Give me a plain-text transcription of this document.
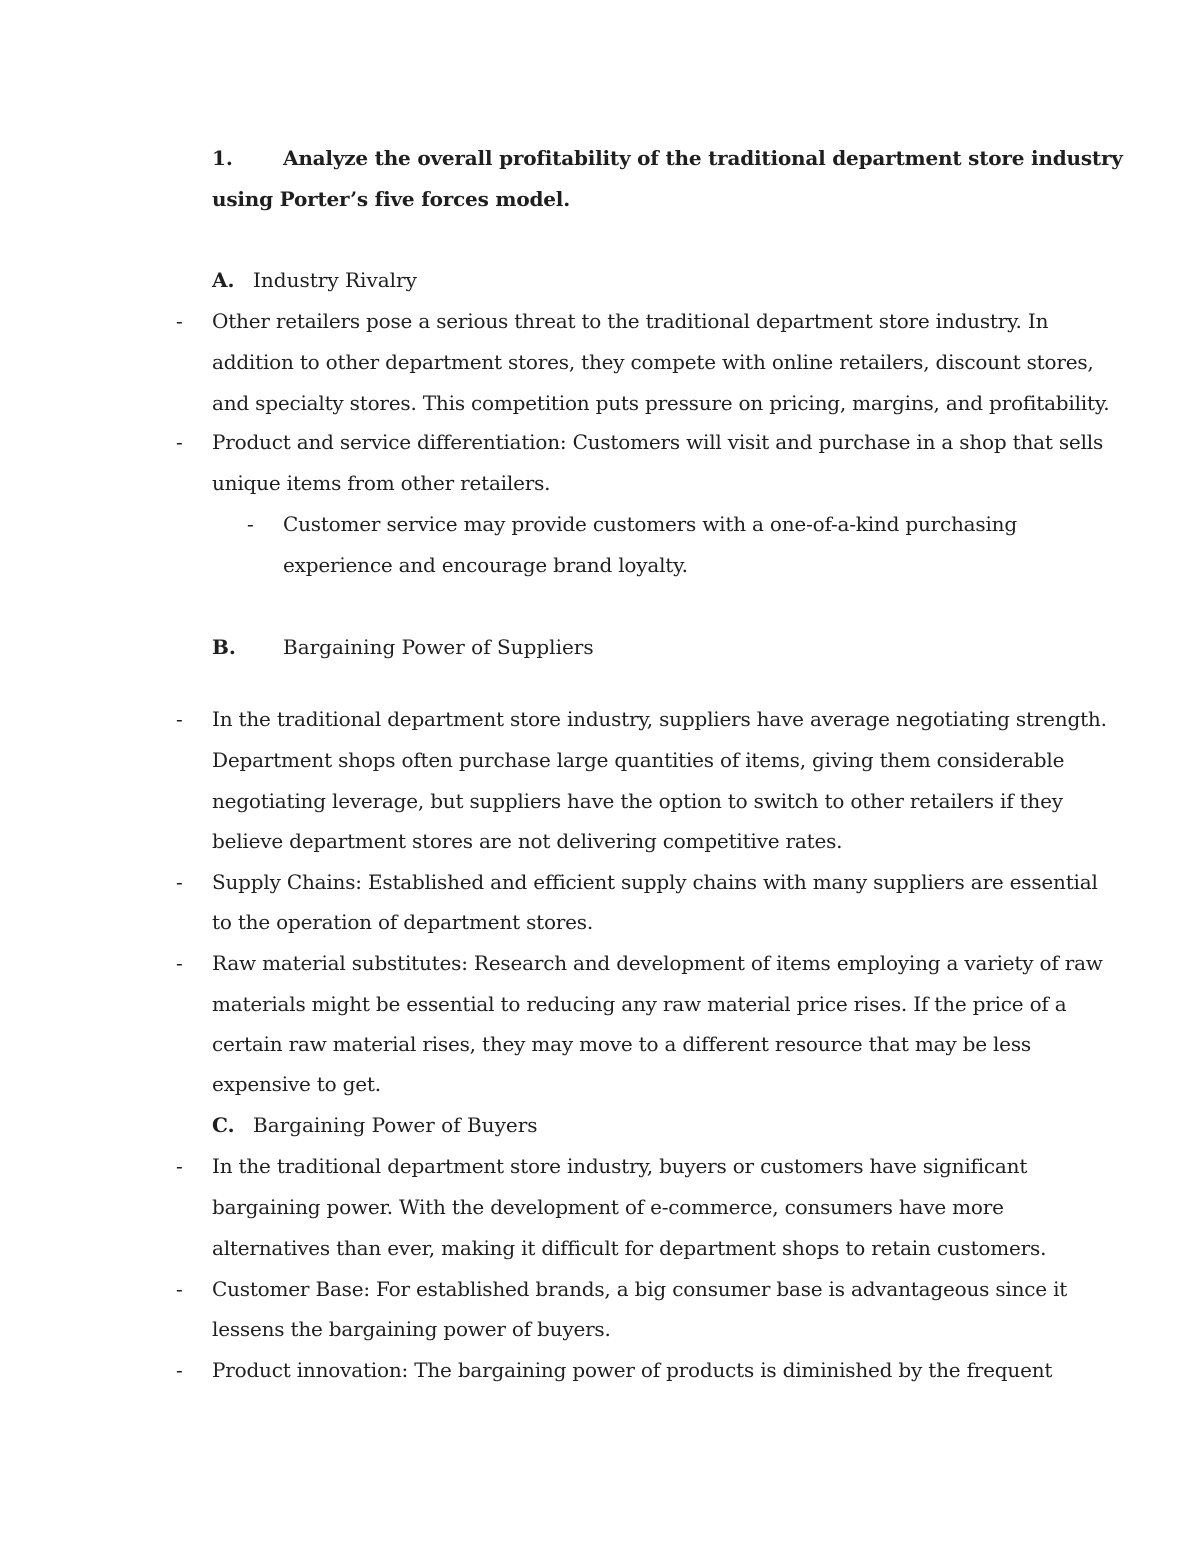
1.	Analyze the overall profitability of the traditional department store industry
using Porter’s five forces model.
A. Industry Rivalry
- Other retailers pose a serious threat to the traditional department store industry. In
addition to other department stores, they compete with online retailers, discount stores,
and specialty stores. This competition puts pressure on pricing, margins, and profitability.
- Product and service differentiation: Customers will visit and purchase in a shop that sells
unique items from other retailers.
- Customer service may provide customers with a one-of-a-kind purchasing
experience and encourage brand loyalty.
B. Bargaining Power of Suppliers
- In the traditional department store industry, suppliers have average negotiating strength.
Department shops often purchase large quantities of items, giving them considerable
negotiating leverage, but suppliers have the option to switch to other retailers if they
believe department stores are not delivering competitive rates.
- Supply Chains: Established and efficient supply chains with many suppliers are essential
to the operation of department stores.
- Raw material substitutes: Research and development of items employing a variety of raw
materials might be essential to reducing any raw material price rises. If the price of a
certain raw material rises, they may move to a different resource that may be less
expensive to get.
C. Bargaining Power of Buyers
- In the traditional department store industry, buyers or customers have significant
bargaining power. With the development of e-commerce, consumers have more
alternatives than ever, making it difficult for department shops to retain customers.
- Customer Base: For established brands, a big consumer base is advantageous since it
lessens the bargaining power of buyers.
- Product innovation: The bargaining power of products is diminished by the frequent
